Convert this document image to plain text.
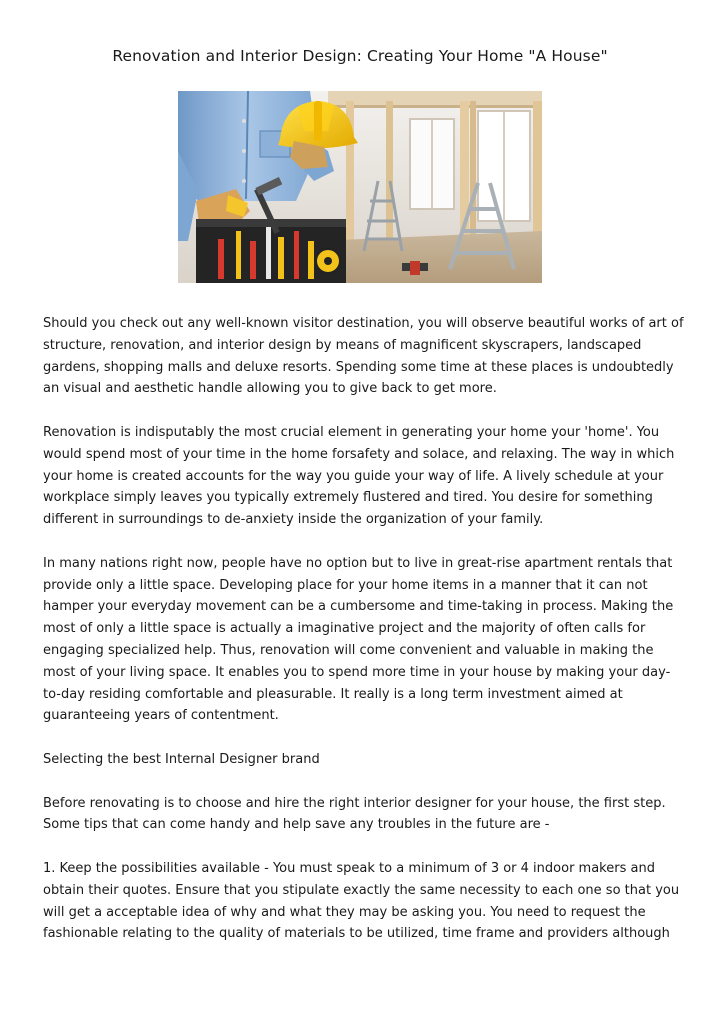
Renovation and Interior Design: Creating Your Home "A House"

Should you check out any well-known visitor destination, you will observe beautiful works of art of structure, renovation, and interior design by means of magnificent skyscrapers, landscaped gardens, shopping malls and deluxe resorts. Spending some time at these places is undoubtedly an visual and aesthetic handle allowing you to give back to get more.

Renovation is indisputably the most crucial element in generating your home your 'home'. You would spend most of your time in the home forsafety and solace, and relaxing. The way in which your home is created accounts for the way you guide your way of life. A lively schedule at your workplace simply leaves you typically extremely flustered and tired. You desire for something different in surroundings to de-anxiety inside the organization of your family.

In many nations right now, people have no option but to live in great-rise apartment rentals that provide only a little space. Developing place for your home items in a manner that it can not hamper your everyday movement can be a cumbersome and time-taking in process. Making the most of only a little space is actually a imaginative project and the majority of often calls for engaging specialized help. Thus, renovation will come convenient and valuable in making the most of your living space. It enables you to spend more time in your house by making your day-to-day residing comfortable and pleasurable. It really is a long term investment aimed at guaranteeing years of contentment.

Selecting the best Internal Designer brand

Before renovating is to choose and hire the right interior designer for your house, the first step. Some tips that can come handy and help save any troubles in the future are -

1. Keep the possibilities available - You must speak to a minimum of 3 or 4 indoor makers and obtain their quotes. Ensure that you stipulate exactly the same necessity to each one so that you will get a acceptable idea of why and what they may be asking you. You need to request the fashionable relating to the quality of materials to be utilized, time frame and providers although
